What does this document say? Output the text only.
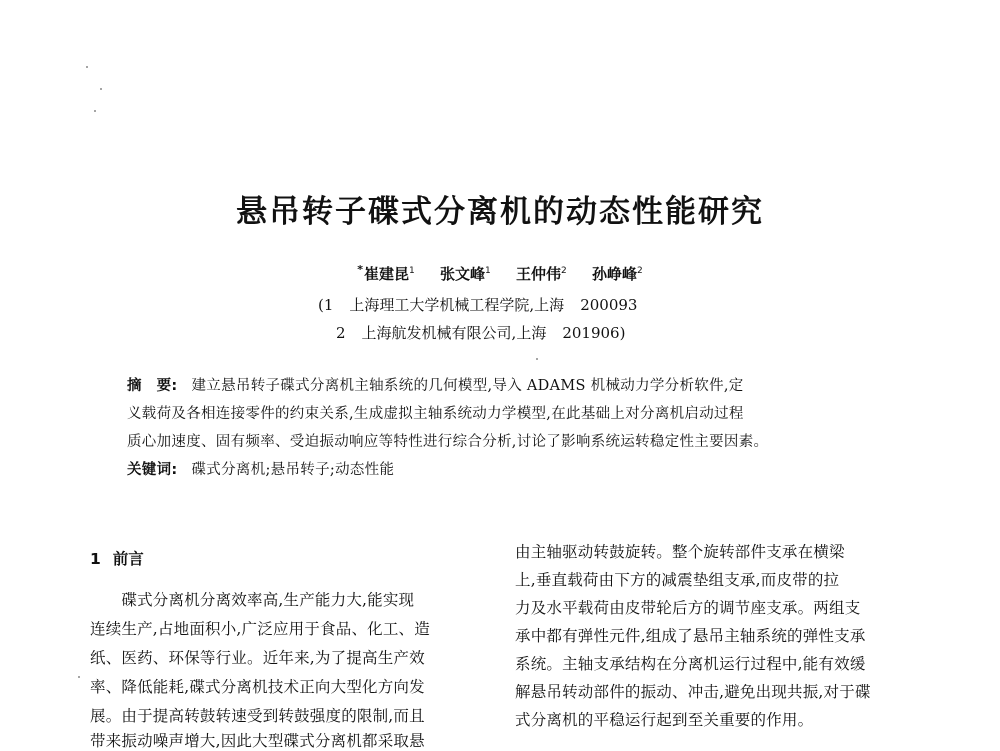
悬吊转子碟式分离机的动态性能研究
*崔建昆$^1$ 张文峰$^1$ 王仲伟$^2$ 孙峥峰$^2$
(1 上海理工大学机械工程学院,上海 200093
2 上海航发机械有限公司,上海 201906)
摘　要: 建立悬吊转子碟式分离机主轴系统的几何模型,导入 ADAMS 机械动力学分析软件,定
义载荷及各相连接零件的约束关系,生成虚拟主轴系统动力学模型,在此基础上对分离机启动过程
质心加速度、固有频率、受迫振动响应等特性进行综合分析,讨论了影响系统运转稳定性主要因素。
关键词: 碟式分离机;悬吊转子;动态性能
1 前言
　　碟式分离机分离效率高,生产能力大,能实现
连续生产,占地面积小,广泛应用于食品、化工、造
纸、医药、环保等行业。近年来,为了提高生产效
率、降低能耗,碟式分离机技术正向大型化方向发
展。由于提高转鼓转速受到转鼓强度的限制,而且
带来振动噪声增大,因此大型碟式分离机都采取悬
由主轴驱动转鼓旋转。整个旋转部件支承在横梁
上,垂直载荷由下方的减震垫组支承,而皮带的拉
力及水平载荷由皮带轮后方的调节座支承。两组支
承中都有弹性元件,组成了悬吊主轴系统的弹性支承
系统。主轴支承结构在分离机运行过程中,能有效缓
解悬吊转动部件的振动、冲击,避免出现共振,对于碟
式分离机的平稳运行起到至关重要的作用。
